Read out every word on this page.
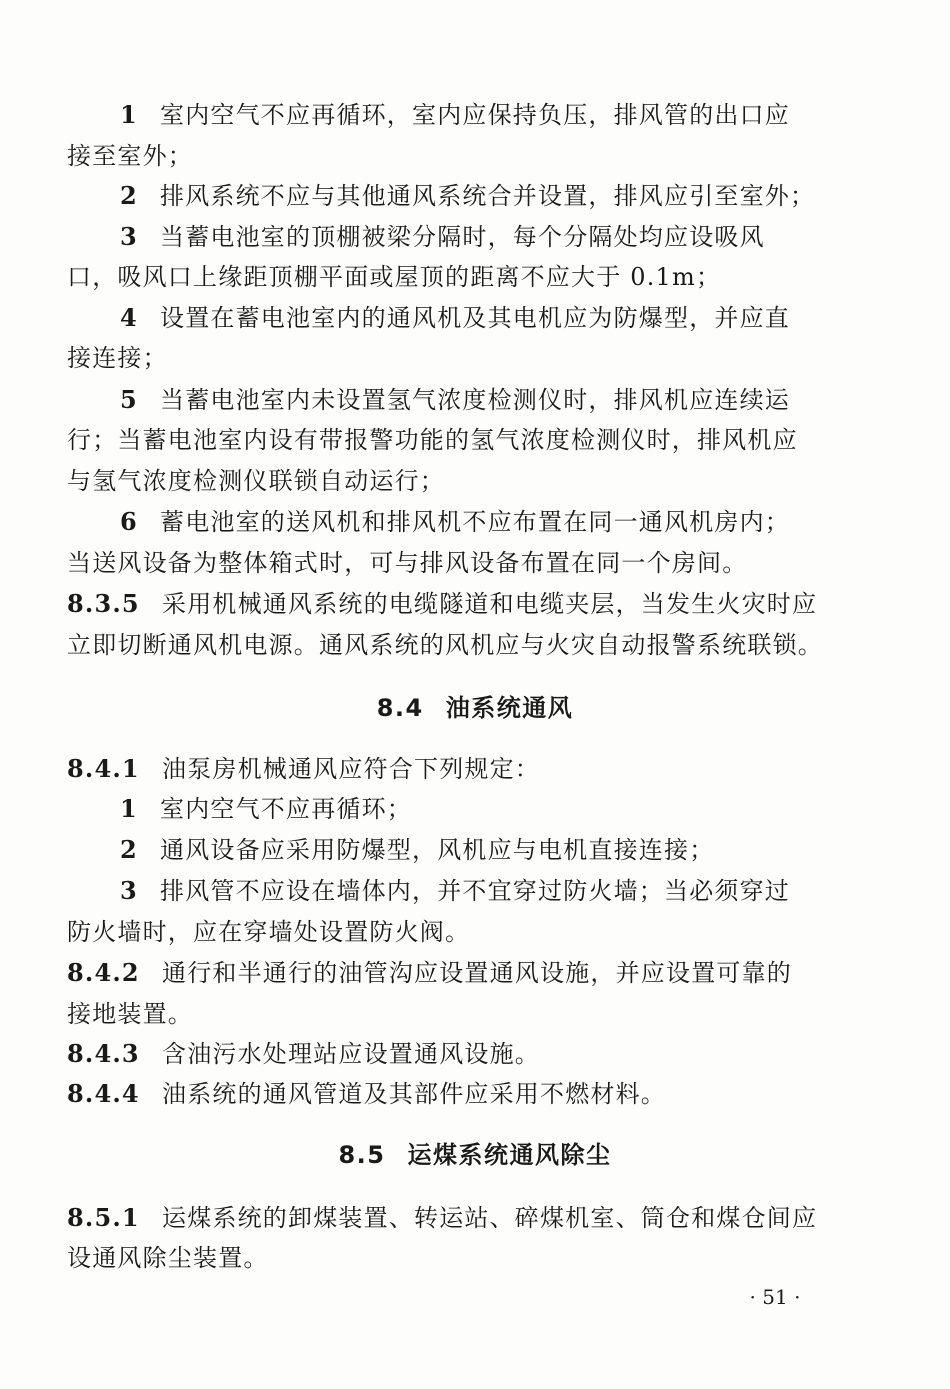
1 室内空气不应再循环，室内应保持负压，排风管的出口应
接至室外；
2 排风系统不应与其他通风系统合并设置，排风应引至室外；
3 当蓄电池室的顶棚被梁分隔时，每个分隔处均应设吸风
口，吸风口上缘距顶棚平面或屋顶的距离不应大于 0.1m；
4 设置在蓄电池室内的通风机及其电机应为防爆型，并应直
接连接；
5 当蓄电池室内未设置氢气浓度检测仪时，排风机应连续运
行；当蓄电池室内设有带报警功能的氢气浓度检测仪时，排风机应
与氢气浓度检测仪联锁自动运行；
6 蓄电池室的送风机和排风机不应布置在同一通风机房内；
当送风设备为整体箱式时，可与排风设备布置在同一个房间。
8.3.5 采用机械通风系统的电缆隧道和电缆夹层，当发生火灾时应
立即切断通风机电源。通风系统的风机应与火灾自动报警系统联锁。
8.4 油系统通风
8.4.1 油泵房机械通风应符合下列规定：
1 室内空气不应再循环；
2 通风设备应采用防爆型，风机应与电机直接连接；
3 排风管不应设在墙体内，并不宜穿过防火墙；当必须穿过
防火墙时，应在穿墙处设置防火阀。
8.4.2 通行和半通行的油管沟应设置通风设施，并应设置可靠的
接地装置。
8.4.3 含油污水处理站应设置通风设施。
8.4.4 油系统的通风管道及其部件应采用不燃材料。
8.5 运煤系统通风除尘
8.5.1 运煤系统的卸煤装置、转运站、碎煤机室、筒仓和煤仓间应
设通风除尘装置。
· 51 ·
